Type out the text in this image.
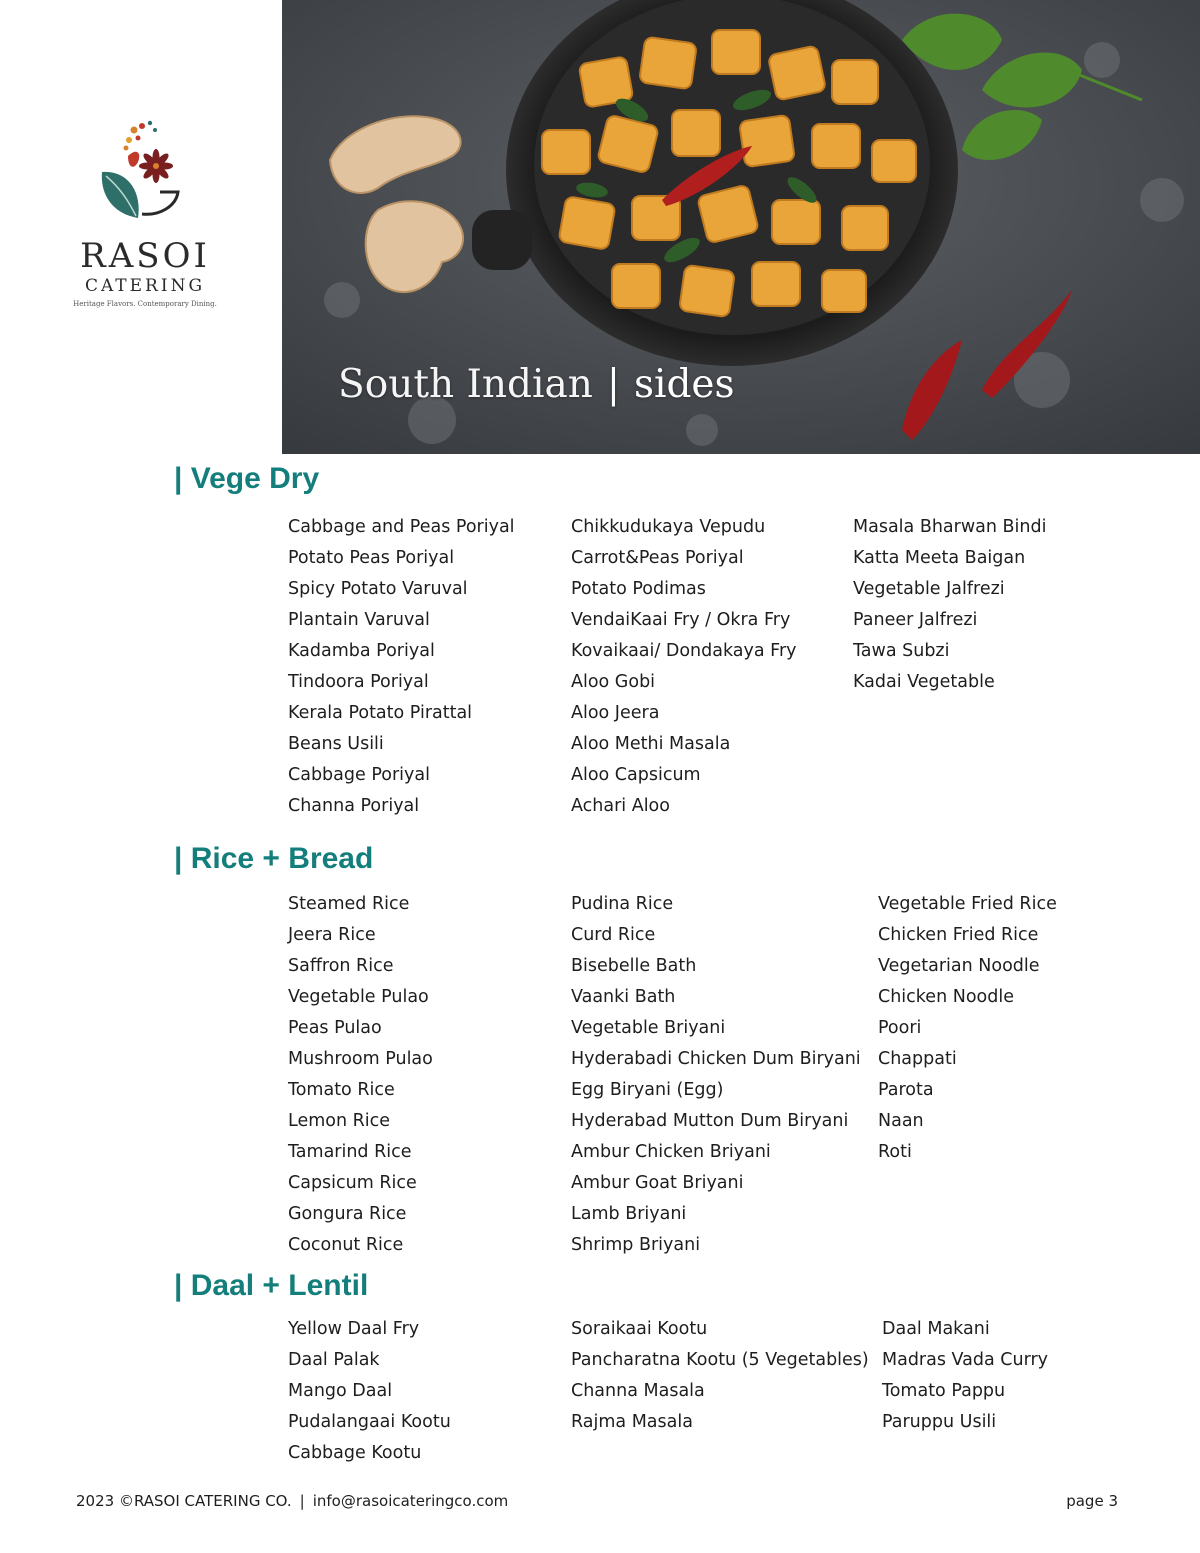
RASOI
CATERING
Heritage Flavors. Contemporary Dining.
South Indian | sides
| Vege Dry
Cabbage and Peas Poriyal
Potato Peas Poriyal
Spicy Potato Varuval
Plantain Varuval
Kadamba Poriyal
Tindoora Poriyal
Kerala Potato Pirattal
Beans Usili
Cabbage Poriyal
Channa Poriyal
Chikkudukaya Vepudu
Carrot&Peas Poriyal
Potato Podimas
VendaiKaai Fry / Okra Fry
Kovaikaai/ Dondakaya Fry
Aloo Gobi
Aloo Jeera
Aloo Methi Masala
Aloo Capsicum
Achari Aloo
Masala Bharwan Bindi
Katta Meeta Baigan
Vegetable Jalfrezi
Paneer Jalfrezi
Tawa Subzi
Kadai Vegetable
| Rice + Bread
Steamed Rice
Jeera Rice
Saffron Rice
Vegetable Pulao
Peas Pulao
Mushroom Pulao
Tomato Rice
Lemon Rice
Tamarind Rice
Capsicum Rice
Gongura Rice
Coconut Rice
Pudina Rice
Curd Rice
Bisebelle Bath
Vaanki Bath
Vegetable Briyani
Hyderabadi Chicken Dum Biryani
Egg Biryani (Egg)
Hyderabad Mutton Dum Biryani
Ambur Chicken Briyani
Ambur Goat Briyani
Lamb Briyani
Shrimp Briyani
Vegetable Fried Rice
Chicken Fried Rice
Vegetarian Noodle
Chicken Noodle
Poori
Chappati
Parota
Naan
Roti
| Daal + Lentil
Yellow Daal Fry
Daal Palak
Mango Daal
Pudalangaai Kootu
Cabbage Kootu
Soraikaai Kootu
Pancharatna Kootu (5 Vegetables)
Channa Masala
Rajma Masala
Daal Makani
Madras Vada Curry
Tomato Pappu
Paruppu Usili
2023 ©RASOI CATERING CO. | info@rasoicateringco.com	page 3
